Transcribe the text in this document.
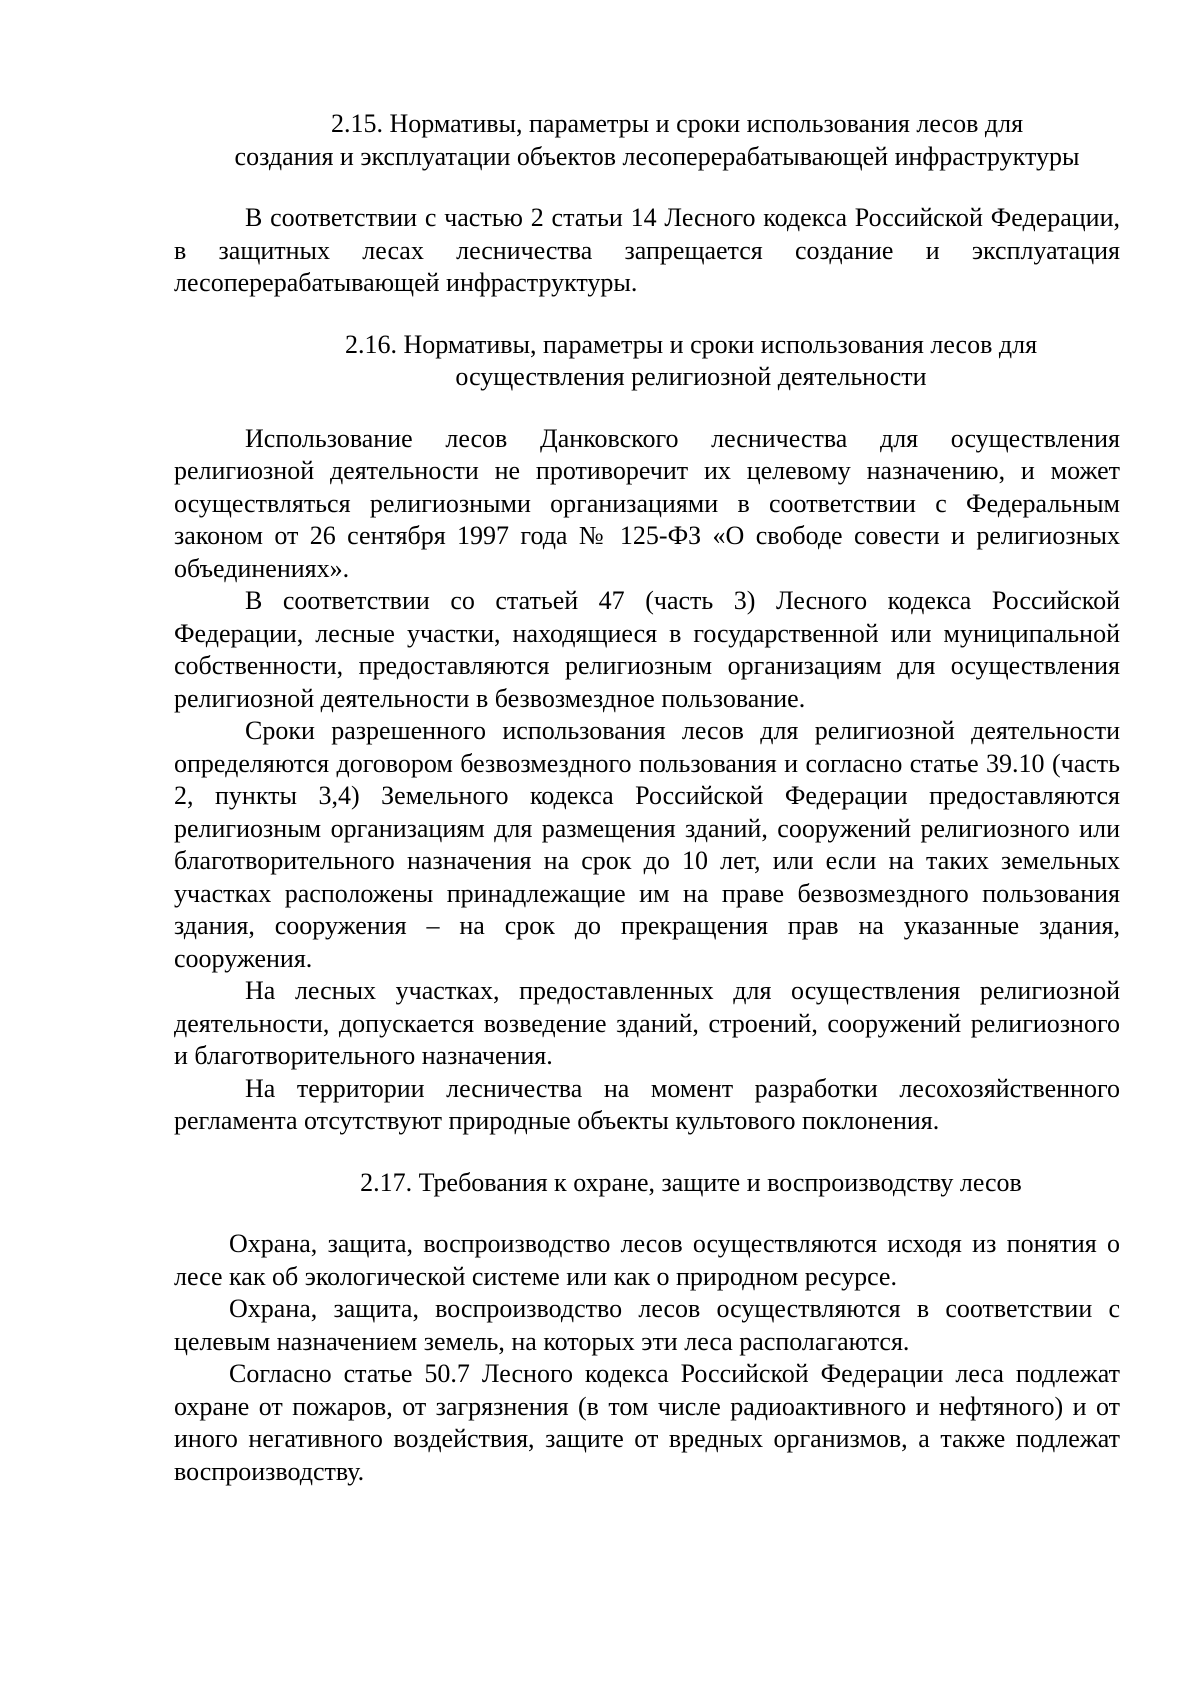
2.15. Нормативы, параметры и сроки использования лесов для
создания и эксплуатации объектов лесоперерабатывающей инфраструктуры

В соответствии с частью 2 статьи 14 Лесного кодекса Российской Федерации, в защитных лесах лесничества запрещается создание и эксплуатация лесоперерабатывающей инфраструктуры.

2.16. Нормативы, параметры и сроки использования лесов для
осуществления религиозной деятельности

Использование лесов Данковского лесничества для осуществления религиозной деятельности не противоречит их целевому назначению, и может осуществляться религиозными организациями в соответствии с Федеральным законом от 26 сентября 1997 года № 125-ФЗ «О свободе совести и религиозных объединениях».

В соответствии со статьей 47 (часть 3) Лесного кодекса Российской Федерации, лесные участки, находящиеся в государственной или муниципальной собственности, предоставляются религиозным организациям для осуществления религиозной деятельности в безвозмездное пользование.

Сроки разрешенного использования лесов для религиозной деятельности определяются договором безвозмездного пользования и согласно статье 39.10 (часть 2, пункты 3,4) Земельного кодекса Российской Федерации предоставляются религиозным организациям для размещения зданий, сооружений религиозного или благотворительного назначения на срок до 10 лет, или если на таких земельных участках расположены принадлежащие им на праве безвозмездного пользования здания, сооружения – на срок до прекращения прав на указанные здания, сооружения.

На лесных участках, предоставленных для осуществления религиозной деятельности, допускается возведение зданий, строений, сооружений религиозного и благотворительного назначения.

На территории лесничества на момент разработки лесохозяйственного регламента отсутствуют природные объекты культового поклонения.

2.17. Требования к охране, защите и воспроизводству лесов

Охрана, защита, воспроизводство лесов осуществляются исходя из понятия о лесе как об экологической системе или как о природном ресурсе.

Охрана, защита, воспроизводство лесов осуществляются в соответствии с целевым назначением земель, на которых эти леса располагаются.

Согласно статье 50.7 Лесного кодекса Российской Федерации леса подлежат охране от пожаров, от загрязнения (в том числе радиоактивного и нефтяного) и от иного негативного воздействия, защите от вредных организмов, а также подлежат воспроизводству.
